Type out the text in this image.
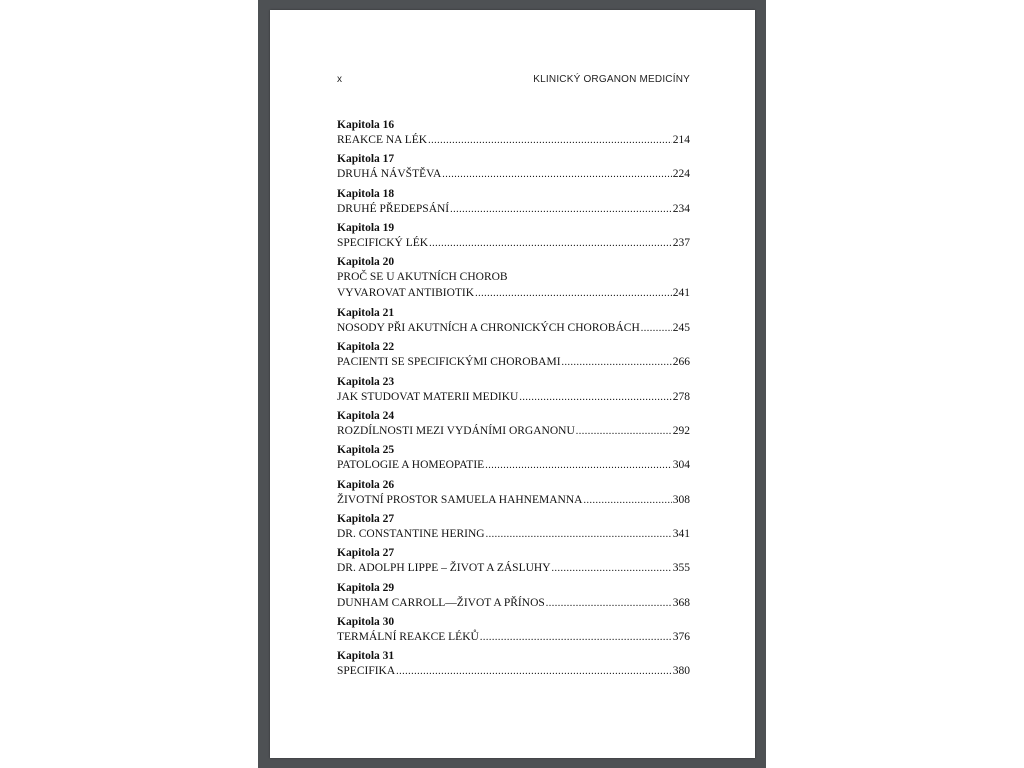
x	KLINICKÝ ORGANON MEDICÍNY
Kapitola 16
REAKCE NA LÉK .....	214
Kapitola 17
DRUHÁ NÁVŠTĚVA .....	224
Kapitola 18
DRUHÉ PŘEDEPSÁNÍ .....	234
Kapitola 19
SPECIFICKÝ LÉK .....	237
Kapitola 20
PROČ SE U AKUTNÍCH CHOROB
VYVAROVAT ANTIBIOTIK .....	241
Kapitola 21
NOSODY PŘI AKUTNÍCH A CHRONICKÝCH CHOROBÁCH .....	245
Kapitola 22
PACIENTI SE SPECIFICKÝMI CHOROBAMI .....	266
Kapitola 23
JAK STUDOVAT MATERII MEDIKU .....	278
Kapitola 24
ROZDÍLNOSTI MEZI VYDÁNÍMI ORGANONU .....	292
Kapitola 25
PATOLOGIE A HOMEOPATIE .....	304
Kapitola 26
ŽIVOTNÍ PROSTOR SAMUELA HAHNEMANNA .....	308
Kapitola 27
DR. CONSTANTINE HERING .....	341
Kapitola 27
DR. ADOLPH LIPPE – ŽIVOT A ZÁSLUHY .....	355
Kapitola 29
DUNHAM CARROLL—ŽIVOT A PŘÍNOS .....	368
Kapitola 30
TERMÁLNÍ REAKCE LÉKŮ .....	376
Kapitola 31
SPECIFIKA .....	380
